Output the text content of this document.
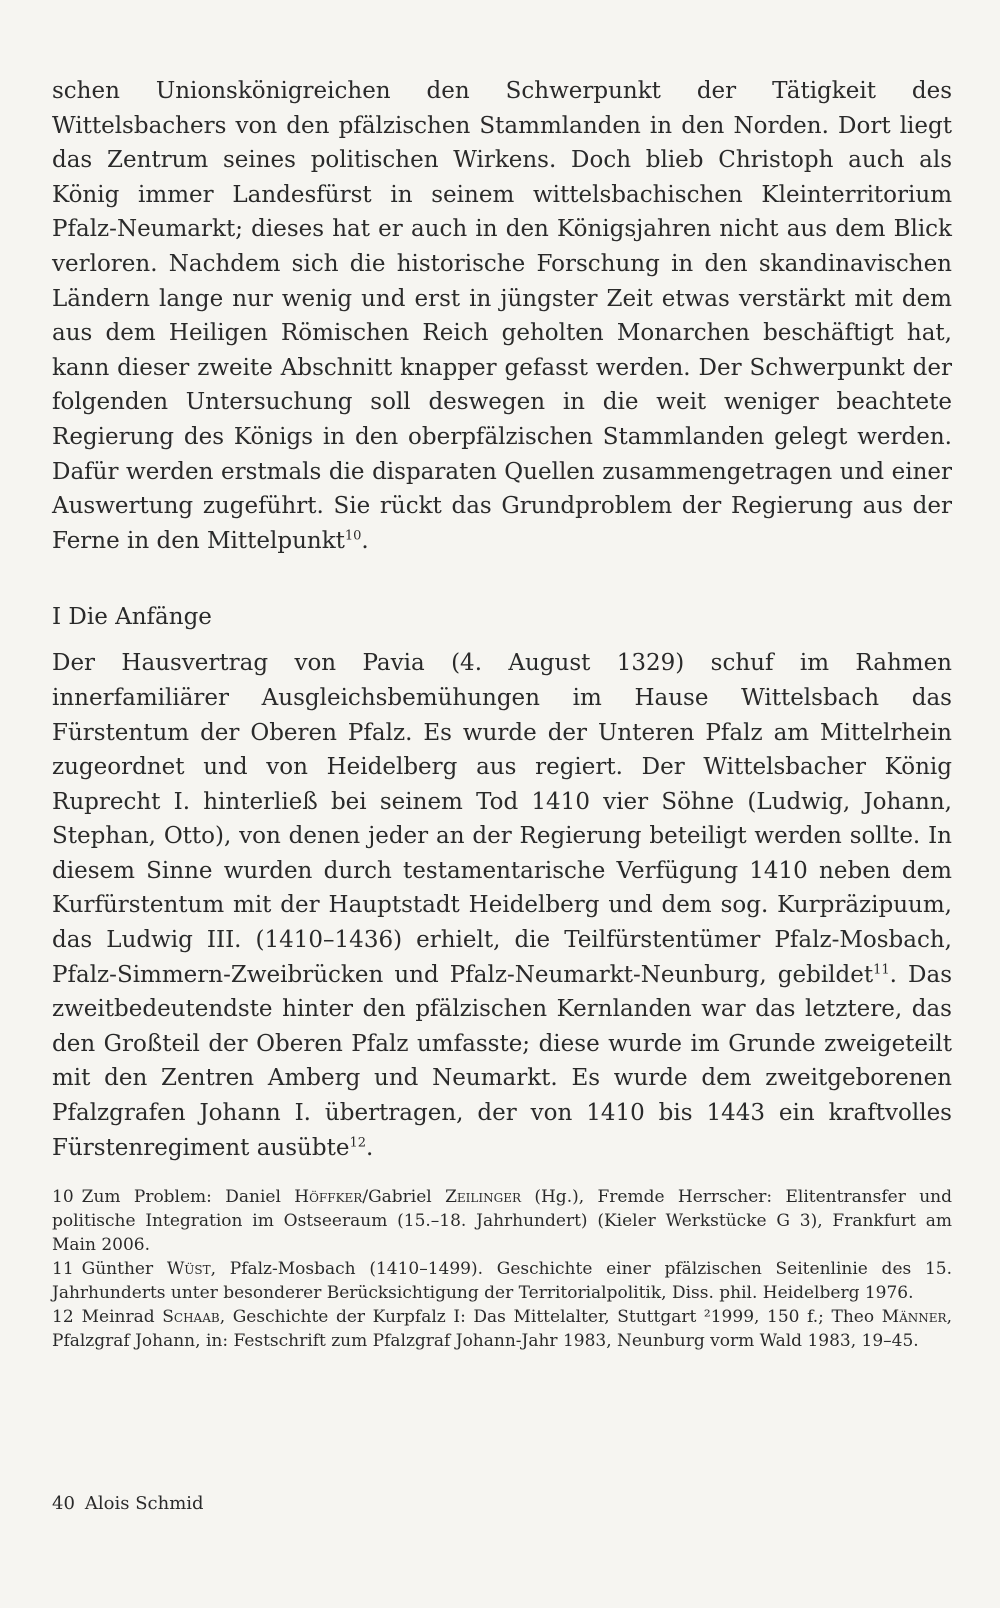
schen Unionskönigreichen den Schwerpunkt der Tätigkeit des Wittelsbachers von den pfälzischen Stammlanden in den Norden. Dort liegt das Zentrum seines politischen Wirkens. Doch blieb Christoph auch als König immer Landesfürst in seinem wittelsbachischen Kleinterritorium Pfalz-Neumarkt; dieses hat er auch in den Königsjahren nicht aus dem Blick verloren. Nachdem sich die historische Forschung in den skandinavischen Ländern lange nur wenig und erst in jüngster Zeit etwas verstärkt mit dem aus dem Heiligen Römischen Reich geholten Monarchen beschäftigt hat, kann dieser zweite Abschnitt knapper gefasst werden. Der Schwerpunkt der folgenden Untersuchung soll deswegen in die weit weniger beachtete Regierung des Königs in den oberpfälzischen Stammlanden gelegt werden. Dafür werden erstmals die disparaten Quellen zusammengetragen und einer Auswertung zugeführt. Sie rückt das Grundproblem der Regierung aus der Ferne in den Mittelpunkt$^{10}$.

I Die Anfänge

Der Hausvertrag von Pavia (4. August 1329) schuf im Rahmen innerfamiliärer Ausgleichsbemühungen im Hause Wittelsbach das Fürstentum der Oberen Pfalz. Es wurde der Unteren Pfalz am Mittelrhein zugeordnet und von Heidelberg aus regiert. Der Wittelsbacher König Ruprecht I. hinterließ bei seinem Tod 1410 vier Söhne (Ludwig, Johann, Stephan, Otto), von denen jeder an der Regierung beteiligt werden sollte. In diesem Sinne wurden durch testamentarische Verfügung 1410 neben dem Kurfürstentum mit der Hauptstadt Heidelberg und dem sog. Kurpräzipuum, das Ludwig III. (1410–1436) erhielt, die Teilfürstentümer Pfalz-Mosbach, Pfalz-Simmern-Zweibrücken und Pfalz-Neumarkt-Neunburg, gebildet$^{11}$. Das zweitbedeutendste hinter den pfälzischen Kernlanden war das letztere, das den Großteil der Oberen Pfalz umfasste; diese wurde im Grunde zweigeteilt mit den Zentren Amberg und Neumarkt. Es wurde dem zweitgeborenen Pfalzgrafen Johann I. übertragen, der von 1410 bis 1443 ein kraftvolles Fürstenregiment ausübte$^{12}$.

10 Zum Problem: Daniel Höffker/Gabriel Zeilinger (Hg.), Fremde Herrscher: Elitentransfer und politische Integration im Ostseeraum (15.–18. Jahrhundert) (Kieler Werkstücke G 3), Frankfurt am Main 2006.

11 Günther Wüst, Pfalz-Mosbach (1410–1499). Geschichte einer pfälzischen Seitenlinie des 15. Jahrhunderts unter besonderer Berücksichtigung der Territorialpolitik, Diss. phil. Heidelberg 1976.

12 Meinrad Schaab, Geschichte der Kurpfalz I: Das Mittelalter, Stuttgart ²1999, 150 f.; Theo Männer, Pfalzgraf Johann, in: Festschrift zum Pfalzgraf Johann-Jahr 1983, Neunburg vorm Wald 1983, 19–45.

40 Alois Schmid
